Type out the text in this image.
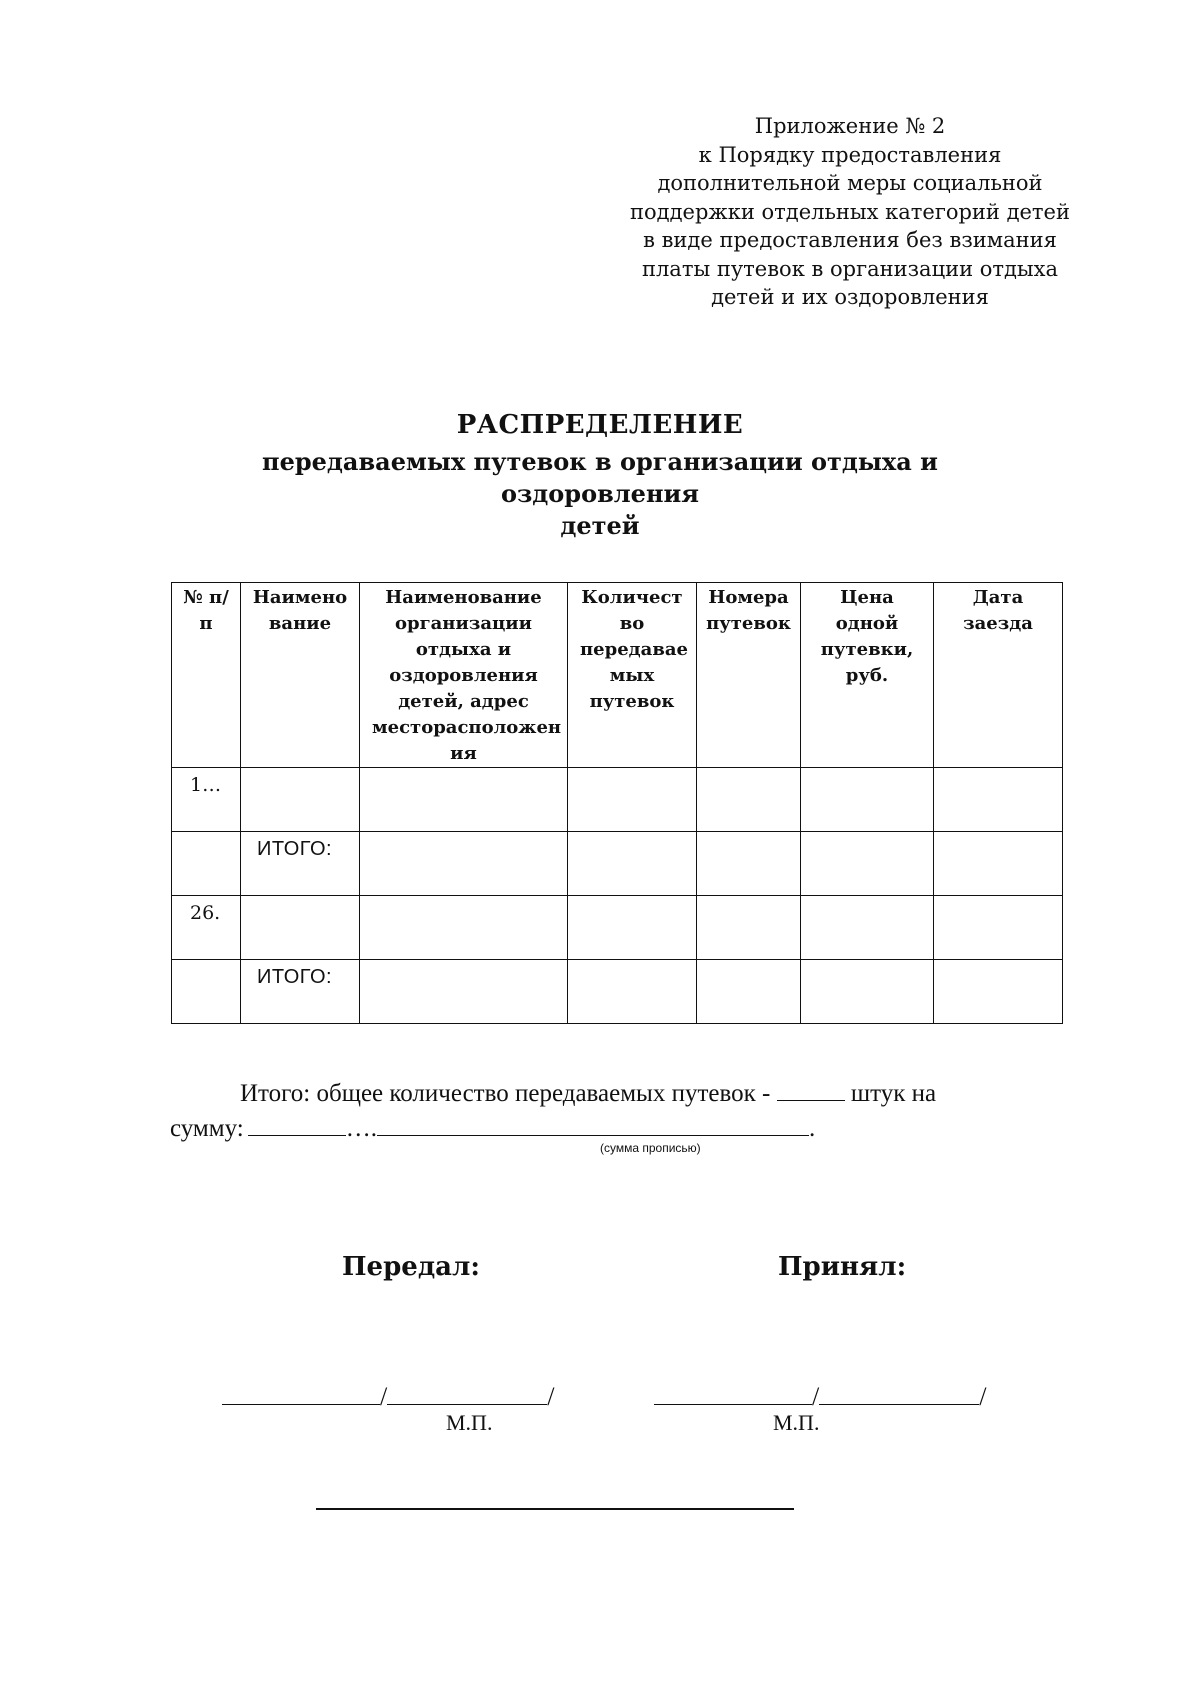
Приложение № 2
к Порядку предоставления
дополнительной меры социальной
поддержки отдельных категорий детей
в виде предоставления без взимания
платы путевок в организации отдыха
детей и их оздоровления
РАСПРЕДЕЛЕНИЕ
передаваемых путевок в организации отдыха и оздоровления
детей
№ п/п	Наимено вание	Наименование организации отдыха и оздоровления детей, адрес месторасположен ия	Количест во передавае мых путевок	Номера путевок	Цена одной путевки, руб.	Дата заезда
1…						
	ИТОГО:					
26.						
	ИТОГО:					
Итого: общее количество передаваемых путевок -	штук на
сумму:	….	.
(сумма прописью)
Передал:	Принял:
/	/	/	/
М.П.	М.П.
